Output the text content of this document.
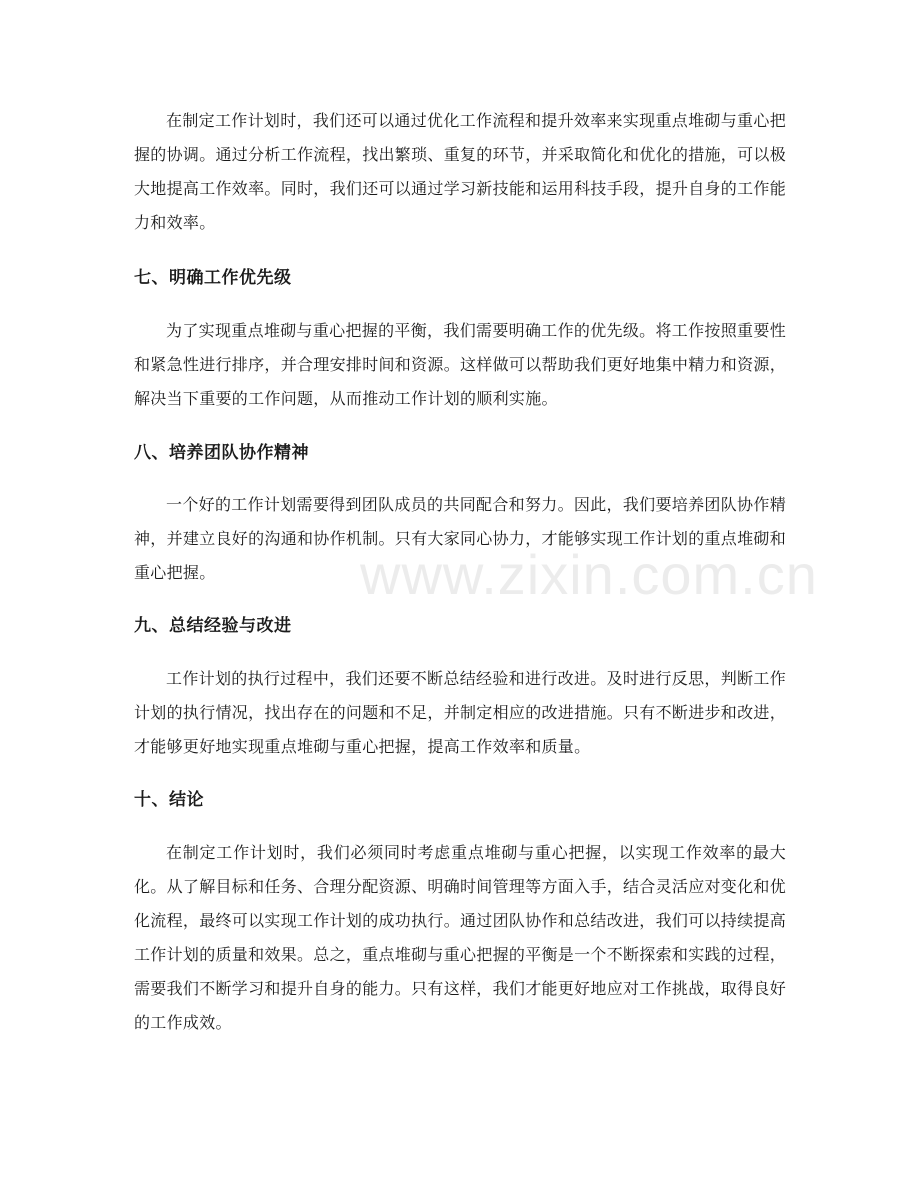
在制定工作计划时，我们还可以通过优化工作流程和提升效率来实现重点堆砌与重心把握的协调。通过分析工作流程，找出繁琐、重复的环节，并采取简化和优化的措施，可以极大地提高工作效率。同时，我们还可以通过学习新技能和运用科技手段，提升自身的工作能力和效率。

七、明确工作优先级

为了实现重点堆砌与重心把握的平衡，我们需要明确工作的优先级。将工作按照重要性和紧急性进行排序，并合理安排时间和资源。这样做可以帮助我们更好地集中精力和资源，解决当下重要的工作问题，从而推动工作计划的顺利实施。

八、培养团队协作精神

一个好的工作计划需要得到团队成员的共同配合和努力。因此，我们要培养团队协作精神，并建立良好的沟通和协作机制。只有大家同心协力，才能够实现工作计划的重点堆砌和重心把握。

九、总结经验与改进

工作计划的执行过程中，我们还要不断总结经验和进行改进。及时进行反思，判断工作计划的执行情况，找出存在的问题和不足，并制定相应的改进措施。只有不断进步和改进，才能够更好地实现重点堆砌与重心把握，提高工作效率和质量。

十、结论

在制定工作计划时，我们必须同时考虑重点堆砌与重心把握，以实现工作效率的最大化。从了解目标和任务、合理分配资源、明确时间管理等方面入手，结合灵活应对变化和优化流程，最终可以实现工作计划的成功执行。通过团队协作和总结改进，我们可以持续提高工作计划的质量和效果。总之，重点堆砌与重心把握的平衡是一个不断探索和实践的过程，需要我们不断学习和提升自身的能力。只有这样，我们才能更好地应对工作挑战，取得良好的工作成效。

www.zixin.com.cn
